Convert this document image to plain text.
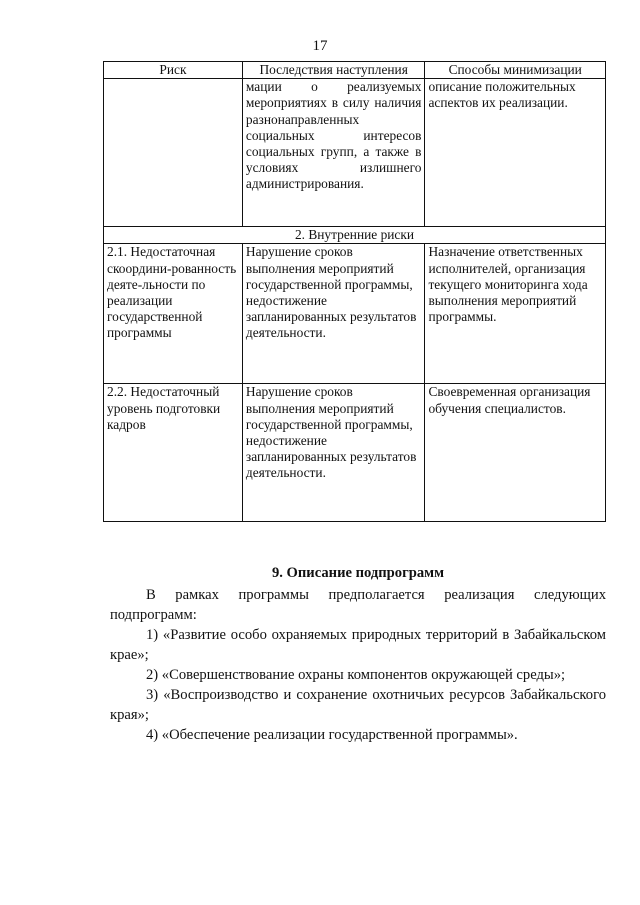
17
Риск	Последствия наступления	Способы минимизации
	мации о реализуемых мероприятиях в силу наличия разнонаправленных социальных интересов социальных групп, а также в условиях излишнего администрирования.	описание положительных аспектов их реализации.
2. Внутренние риски		
2.1. Недостаточная скоордини-рованность деяте-льности по реализации государственной программы	Нарушение сроков выполнения мероприятий государственной программы, недостижение запланированных результатов деятельности.	Назначение ответственных исполнителей, организация текущего мониторинга хода выполнения мероприятий программы.
2.2. Недостаточный уровень подготовки кадров	Нарушение сроков выполнения мероприятий государственной программы, недостижение запланированных результатов деятельности.	Своевременная организация обучения специалистов.

9. Описание подпрограмм

В рамках программы предполагается реализация следующих подпрограмм:

1) «Развитие особо охраняемых природных территорий в Забайкальском крае»;

2) «Совершенствование охраны компонентов окружающей среды»;

3) «Воспроизводство и сохранение охотничьих ресурсов Забайкальского края»;

4) «Обеспечение реализации государственной программы».
